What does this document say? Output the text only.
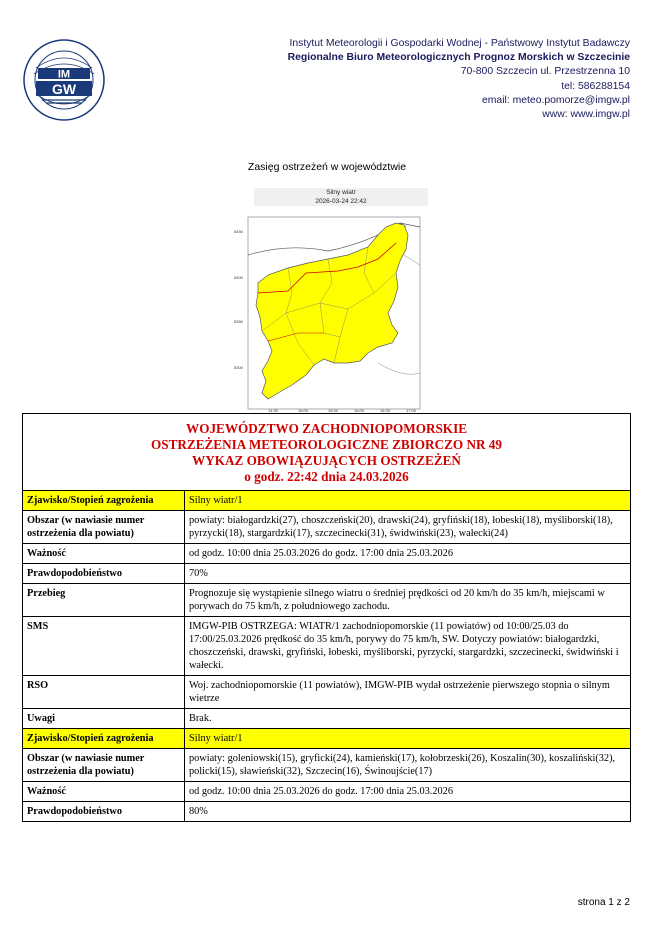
IM
GW
Instytut Meteorologii i Gospodarki Wodnej - Państwowy Instytut Badawczy
Regionalne Biuro Meteorologicznych Prognoz Morskich w Szczecinie
70-800 Szczecin ul. Przestrzenna 10
tel: 586288154
email: meteo.pomorze@imgw.pl
www: www.imgw.pl
Zasięg ostrzeżeń w województwie
Silny wiatr
2026-03-24 22:42
5450
5400
5350
5300
14:30	15:00	15:30	16:00	16:30	17:00
WOJEWÓDZTWO ZACHODNIOPOMORSKIE
OSTRZEŻENIA METEOROLOGICZNE ZBIORCZO NR 49
WYKAZ OBOWIĄZUJĄCYCH OSTRZEŻEŃ
o godz. 22:42 dnia 24.03.2026	

Zjawisko/Stopień zagrożenia	Silny wiatr/1
Obszar (w nawiasie numer ostrzeżenia dla powiatu)	powiaty: białogardzki(27), choszczeński(20), drawski(24), gryfiński(18), łobeski(18), myśliborski(18), pyrzycki(18), stargardzki(17), szczecinecki(31), świdwiński(23), wałecki(24)
Ważność	od godz. 10:00 dnia 25.03.2026 do godz. 17:00 dnia 25.03.2026
Prawdopodobieństwo	70%
Przebieg	Prognozuje się wystąpienie silnego wiatru o średniej prędkości od 20 km/h do 35 km/h, miejscami w porywach do 75 km/h, z południowego zachodu.
SMS	IMGW-PIB OSTRZEGA: WIATR/1 zachodniopomorskie (11 powiatów) od 10:00/25.03 do 17:00/25.03.2026 prędkość do 35 km/h, porywy do 75 km/h, SW. Dotyczy powiatów: białogardzki, choszczeński, drawski, gryfiński, łobeski, myśliborski, pyrzycki, stargardzki, szczecinecki, świdwiński i wałecki.
RSO	Woj. zachodniopomorskie (11 powiatów), IMGW-PIB wydał ostrzeżenie pierwszego stopnia o silnym wietrze
Uwagi	Brak.
Zjawisko/Stopień zagrożenia	Silny wiatr/1
Obszar (w nawiasie numer ostrzeżenia dla powiatu)	powiaty: goleniowski(15), gryficki(24), kamieński(17), kołobrzeski(26), Koszalin(30), koszaliński(32), policki(15), sławieński(32), Szczecin(16), Świnoujście(17)
Ważność	od godz. 10:00 dnia 25.03.2026 do godz. 17:00 dnia 25.03.2026
Prawdopodobieństwo	80%
strona 1 z 2
